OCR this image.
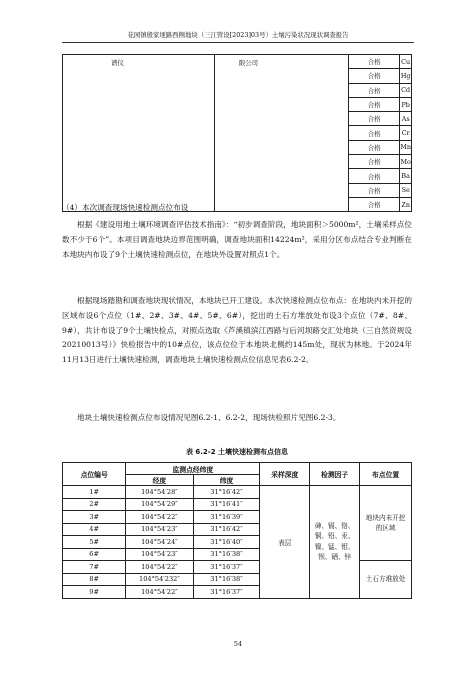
花园镇殷家埂路西侧地块（三江管设[2023]03号）土壤污染状况现状调查报告
谱仪	限公司	合格	Cu
		合格	Hg
		合格	Cd
		合格	Pb
		合格	As
		合格	Cr
		合格	Mn
		合格	Mo
		合格	Ba
		合格	Se
		合格	Zn
（4）本次调查现场快速检测点位布设
根据《建设用地土壤环境调查评估技术指南》：“初步调查阶段，地块面积＞5000m²，土壤采样点位数不少于6个”。本项目调查地块边界范围明确，调查地块面积14224m²，采用分区布点结合专业判断在本地块内布设了9个土壤快速检测点位，在地块外设置对照点1个。
根据现场踏勘和调查地块现状情况，本地块已开工建设。本次快速检测点位布点：在地块内未开挖的区域布设6个点位（1#、2#、3#、4#、5#、6#），挖出的土石方堆放处布设3个点位（7#、8#、9#），共计布设了9个土壤快检点，对照点选取《芦溪镇滨江西路与后河坝路交汇处地块（三自然资规设20210013号）》快检报告中的10#点位，该点位位于本地块北侧约145m处，现状为林地。于2024年11月13日进行土壤快速检测，调查地块土壤快速检测点位信息见表6.2-2。
地块土壤快速检测点位布设情况见图6.2-1、6.2-2，现场快检照片见图6.2-3。
表 6.2-2 土壤快速检测布点信息
点位编号	监测点经纬度		采样深度	检测因子	布点位置
	经度	纬度			
1#	104°54′28″	31°16′42″	表层	砷、镉、铬、铜、铅、汞、镍、锰、钼、钡、硒、锌	地块内未开挖的区域
2#	104°54′29″	31°16′41″			
3#	104°54′22″	31°16′39″			
4#	104°54′23″	31°16′42″			
5#	104°54′24″	31°16′40″			
6#	104°54′23″	31°16′38″			
7#	104°54′22″	31°16′37″			土石方堆放处
8#	104°54′232″	31°16′38″			
9#	104°54′22″	31°16′37″			
54
